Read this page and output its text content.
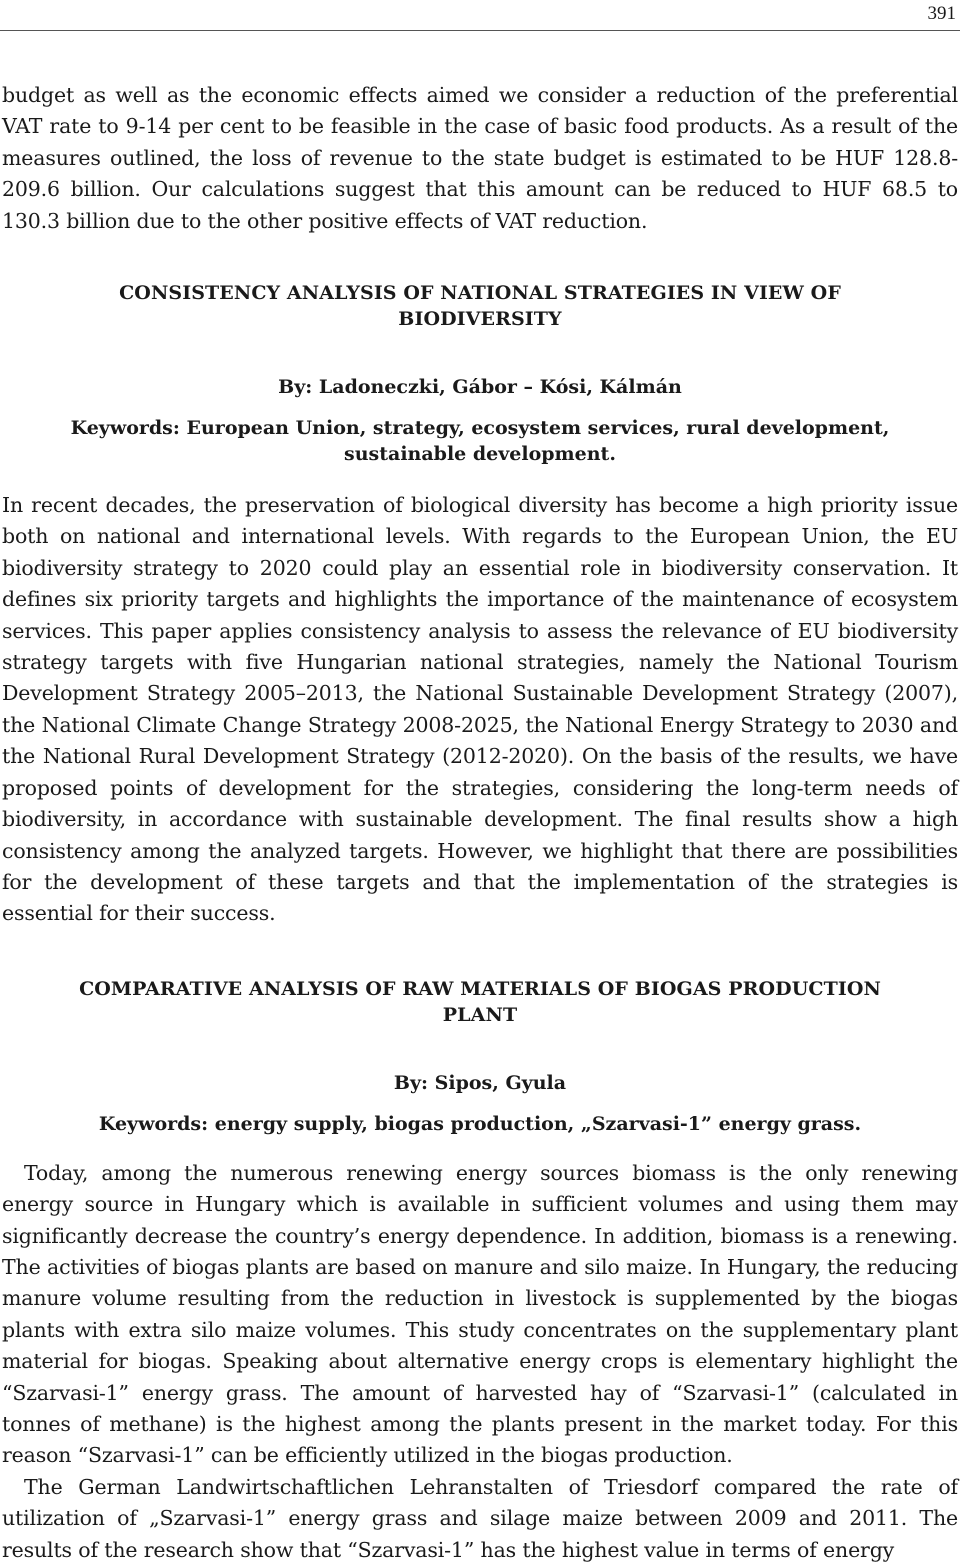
391

budget as well as the economic effects aimed we consider a reduction of the preferential VAT rate to 9-14 per cent to be feasible in the case of basic food products. As a result of the measures outlined, the loss of revenue to the state budget is estimated to be HUF 128.8-209.6 billion. Our calculations suggest that this amount can be reduced to HUF 68.5 to 130.3 billion due to the other positive effects of VAT reduction.

CONSISTENCY ANALYSIS OF NATIONAL STRATEGIES IN VIEW OF BIODIVERSITY

By: Ladoneczki, Gábor – Kósi, Kálmán

Keywords: European Union, strategy, ecosystem services, rural development, sustainable development.

In recent decades, the preservation of biological diversity has become a high priority issue both on national and international levels. With regards to the European Union, the EU biodiversity strategy to 2020 could play an essential role in biodiversity conservation. It defines six priority targets and highlights the importance of the maintenance of ecosystem services. This paper applies consistency analysis to assess the relevance of EU biodiversity strategy targets with five Hungarian national strategies, namely the National Tourism Development Strategy 2005–2013, the National Sustainable Development Strategy (2007), the National Climate Change Strategy 2008-2025, the National Energy Strategy to 2030 and the National Rural Development Strategy (2012-2020). On the basis of the results, we have proposed points of development for the strategies, considering the long-term needs of biodiversity, in accordance with sustainable development. The final results show a high consistency among the analyzed targets. However, we highlight that there are possibilities for the development of these targets and that the implementation of the strategies is essential for their success.

COMPARATIVE ANALYSIS OF RAW MATERIALS OF BIOGAS PRODUCTION PLANT

By: Sipos, Gyula

Keywords: energy supply, biogas production, „Szarvasi-1” energy grass.

Today, among the numerous renewing energy sources biomass is the only renewing energy source in Hungary which is available in sufficient volumes and using them may significantly decrease the country’s energy dependence. In addition, biomass is a renewing. The activities of biogas plants are based on manure and silo maize. In Hungary, the reducing manure volume resulting from the reduction in livestock is supplemented by the biogas plants with extra silo maize volumes. This study concentrates on the supplementary plant material for biogas. Speaking about alternative energy crops is elementary highlight the “Szarvasi-1” energy grass. The amount of harvested hay of “Szarvasi-1” (calculated in tonnes of methane) is the highest among the plants present in the market today. For this reason “Szarvasi-1” can be efficiently utilized in the biogas production.

The German Landwirtschaftlichen Lehranstalten of Triesdorf compared the rate of utilization of „Szarvasi-1” energy grass and silage maize between 2009 and 2011. The results of the research show that “Szarvasi-1” has the highest value in terms of energy
